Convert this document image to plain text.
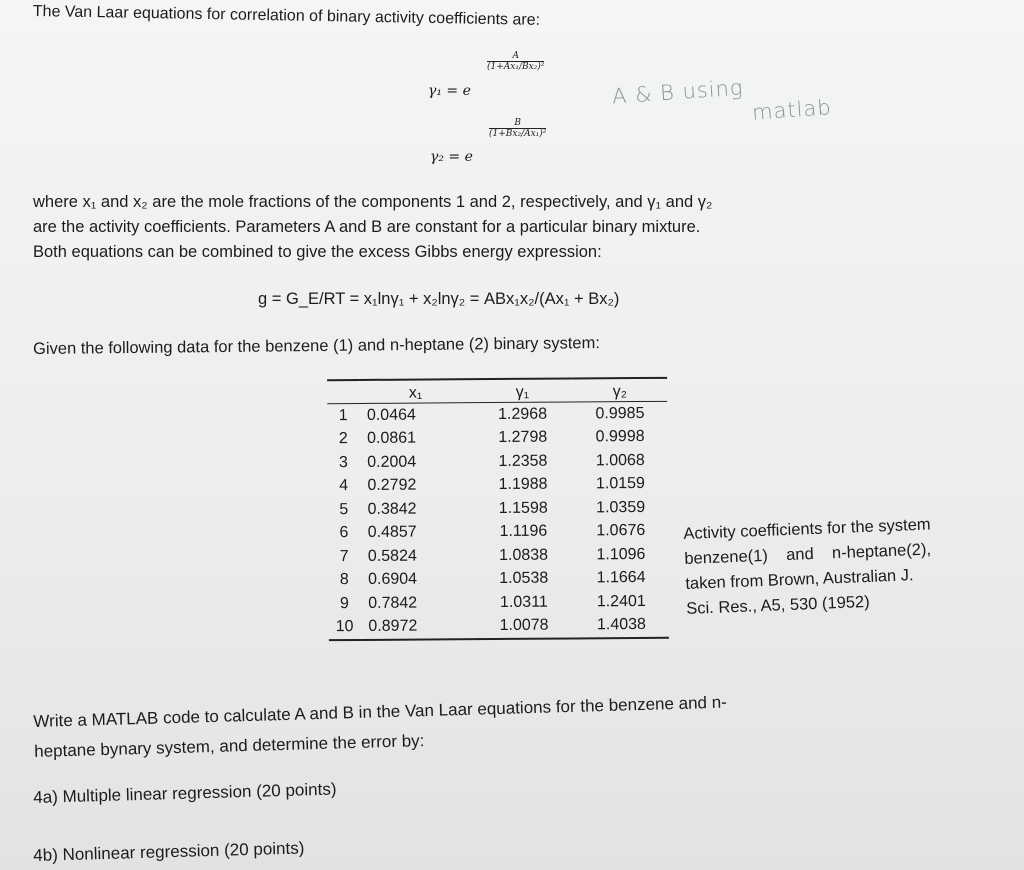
The Van Laar equations for correlation of binary activity coefficients are:
γ₁ = e
$\frac{A}{\text{(1+Ax₁/Bx₂)²}}$
γ₂ = e
$\frac{B}{\text{(1+Bx₂/Ax₁)²}}$
A & B using
matlab
where x₁ and x₂ are the mole fractions of the components 1 and 2, respectively, and γ₁ and γ₂
are the activity coefficients. Parameters A and B are constant for a particular binary mixture.
Both equations can be combined to give the excess Gibbs energy expression:
g = G_E/RT = x₁lnγ₁ + x₂lnγ₂ = ABx₁x₂/(Ax₁ + Bx₂)
Given the following data for the benzene (1) and n-heptane (2) binary system:
	x₁	γ₁	γ₂
1	0.0464	1.2968	0.9985
2	0.0861	1.2798	0.9998
3	0.2004	1.2358	1.0068
4	0.2792	1.1988	1.0159
5	0.3842	1.1598	1.0359
6	0.4857	1.1196	1.0676
7	0.5824	1.0838	1.1096
8	0.6904	1.0538	1.1664
9	0.7842	1.0311	1.2401
10	0.8972	1.0078	1.4038
Activity coefficients for the system
benzene(1)    and    n-heptane(2),
taken from Brown, Australian J.
Sci. Res., A5, 530 (1952)
Write a MATLAB code to calculate A and B in the Van Laar equations for the benzene and n-
heptane bynary system, and determine the error by:
4a) Multiple linear regression (20 points)
4b) Nonlinear regression (20 points)
